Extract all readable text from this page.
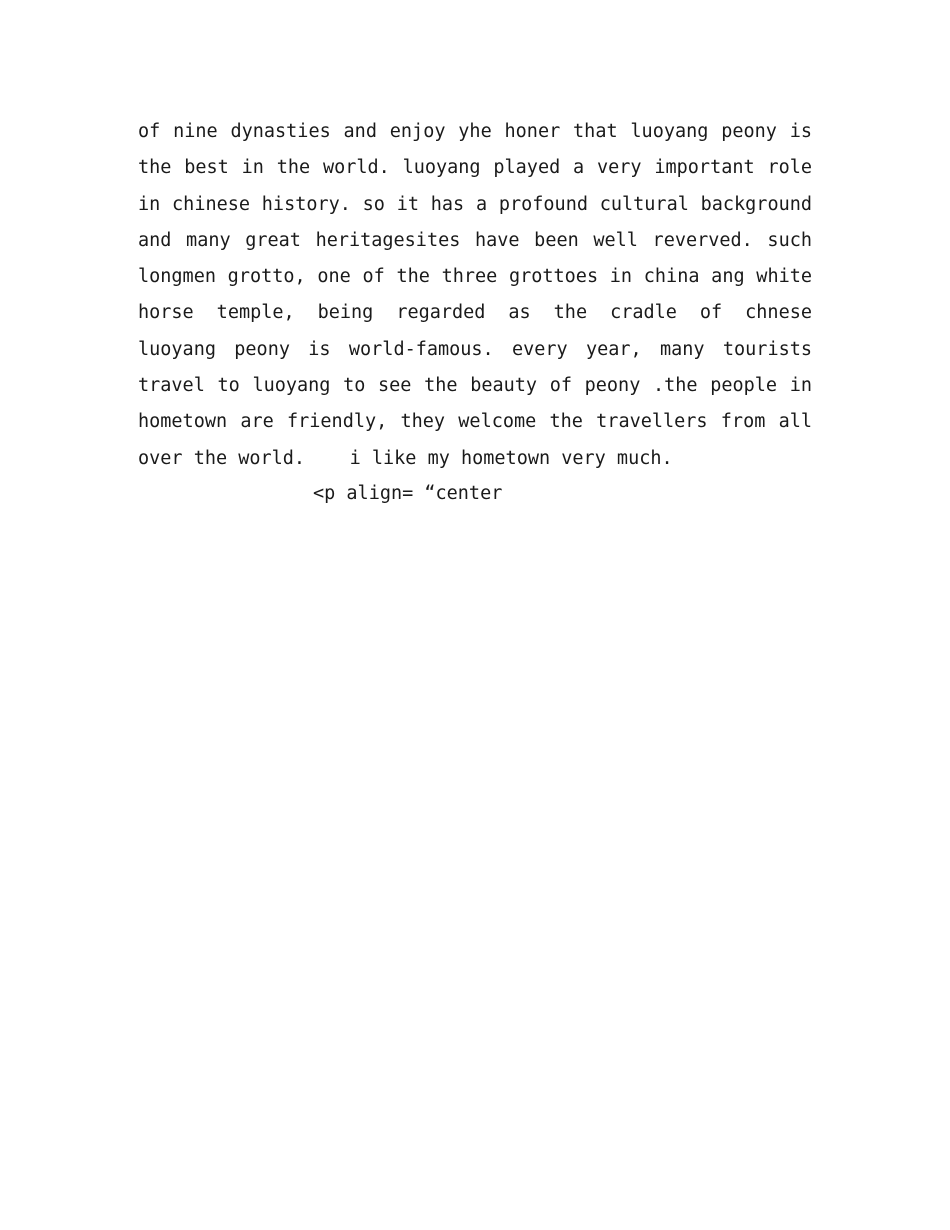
of nine dynasties and enjoy yhe honer that luoyang peony is
the best in the world. luoyang played a very important role
in chinese history. so it has a profound cultural background
and many great heritagesites have been well reverved. such
longmen grotto, one of the three grottoes in china ang white
horse temple, being regarded as the cradle of chnese
luoyang peony is world-famous. every year, many tourists
travel to luoyang to see the beauty of peony .the people in
hometown are friendly, they welcome the travellers from all
over the world.    i like my hometown very much.
<p align= “center
